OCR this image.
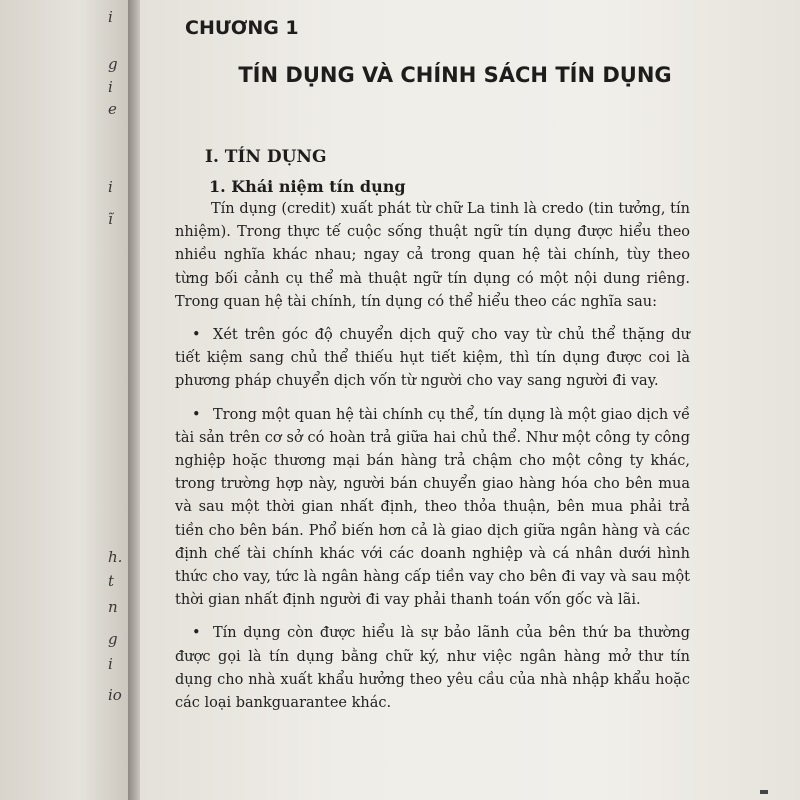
i
g
i
e
i
ĩ
h.
t
n
g
i
io
CHƯƠNG 1
TÍN DỤNG VÀ CHÍNH SÁCH TÍN DỤNG
I. TÍN DỤNG
1. Khái niệm tín dụng

Tín dụng (credit) xuất phát từ chữ La tinh là credo (tin tưởng, tín nhiệm). Trong thực tế cuộc sống thuật ngữ tín dụng được hiểu theo nhiều nghĩa khác nhau; ngay cả trong quan hệ tài chính, tùy theo từng bối cảnh cụ thể mà thuật ngữ tín dụng có một nội dung riêng. Trong quan hệ tài chính, tín dụng có thể hiểu theo các nghĩa sau:

• Xét trên góc độ chuyển dịch quỹ cho vay từ chủ thể thặng dư tiết kiệm sang chủ thể thiếu hụt tiết kiệm, thì tín dụng được coi là phương pháp chuyển dịch vốn từ người cho vay sang người đi vay.

• Trong một quan hệ tài chính cụ thể, tín dụng là một giao dịch về tài sản trên cơ sở có hoàn trả giữa hai chủ thể. Như một công ty công nghiệp hoặc thương mại bán hàng trả chậm cho một công ty khác, trong trường hợp này, người bán chuyển giao hàng hóa cho bên mua và sau một thời gian nhất định, theo thỏa thuận, bên mua phải trả tiền cho bên bán. Phổ biến hơn cả là giao dịch giữa ngân hàng và các định chế tài chính khác với các doanh nghiệp và cá nhân dưới hình thức cho vay, tức là ngân hàng cấp tiền vay cho bên đi vay và sau một thời gian nhất định người đi vay phải thanh toán vốn gốc và lãi.

• Tín dụng còn được hiểu là sự bảo lãnh của bên thứ ba thường được gọi là tín dụng bằng chữ ký, như việc ngân hàng mở thư tín dụng cho nhà xuất khẩu hưởng theo yêu cầu của nhà nhập khẩu hoặc các loại bankguarantee khác.
